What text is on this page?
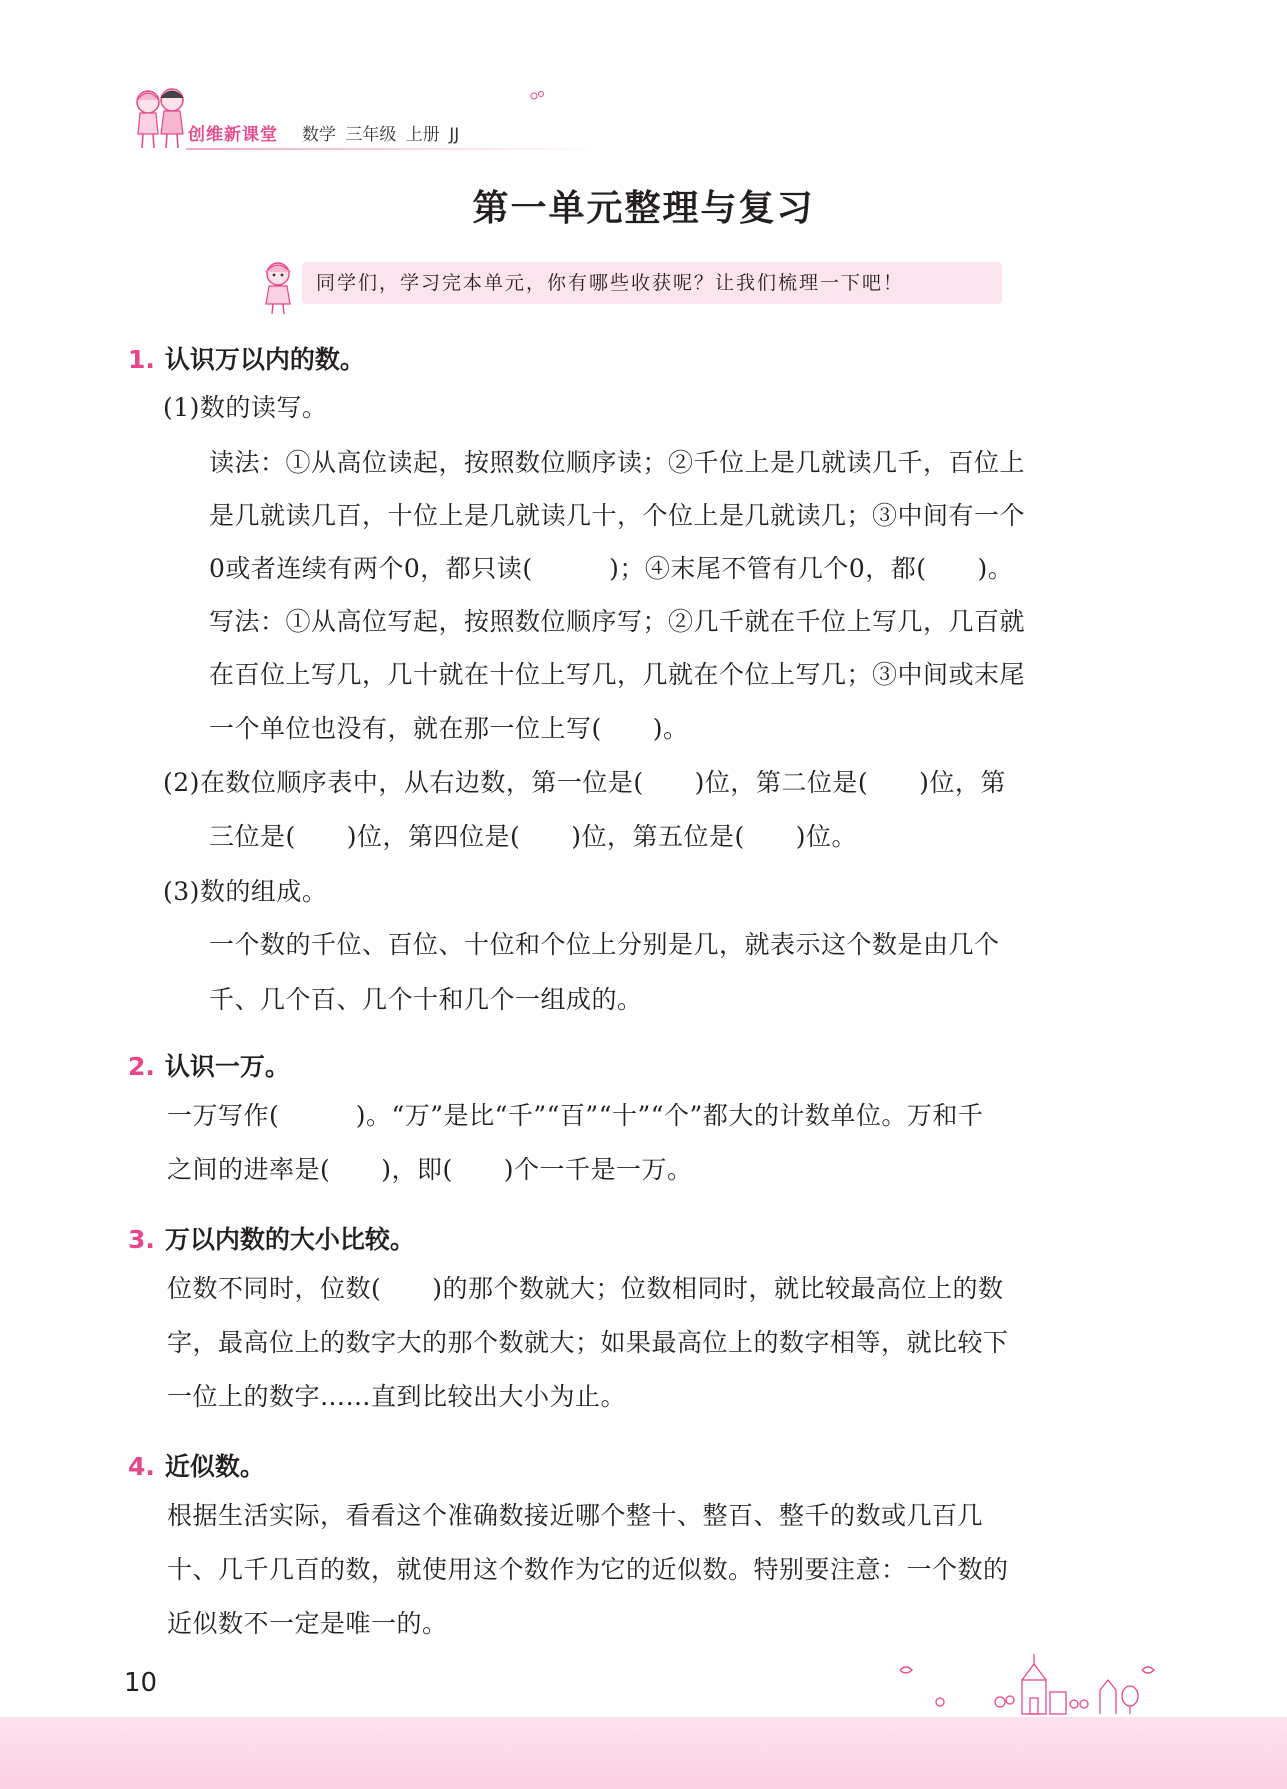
创维新课堂 数学 三年级 上册 JJ
第一单元整理与复习
同学们，学习完本单元，你有哪些收获呢？让我们梳理一下吧！
1. 认识万以内的数。
2. 认识一万。
3. 万以内数的大小比较。
4. 近似数。
(1)数的读写。
读法：①从高位读起，按照数位顺序读；②千位上是几就读几千，百位上
是几就读几百，十位上是几就读几十，个位上是几就读几；③中间有一个
0或者连续有两个0，都只读(　　　)；④末尾不管有几个0，都(　　)。
写法：①从高位写起，按照数位顺序写；②几千就在千位上写几，几百就
在百位上写几，几十就在十位上写几，几就在个位上写几；③中间或末尾
一个单位也没有，就在那一位上写(　　)。
(2)在数位顺序表中，从右边数，第一位是(　　)位，第二位是(　　)位，第
三位是(　　)位，第四位是(　　)位，第五位是(　　)位。
(3)数的组成。
一个数的千位、百位、十位和个位上分别是几，就表示这个数是由几个
千、几个百、几个十和几个一组成的。
一万写作(　　　)。“万”是比“千”“百”“十”“个”都大的计数单位。万和千
之间的进率是(　　)，即(　　)个一千是一万。
位数不同时，位数(　　)的那个数就大；位数相同时，就比较最高位上的数
字，最高位上的数字大的那个数就大；如果最高位上的数字相等，就比较下
一位上的数字……直到比较出大小为止。
根据生活实际，看看这个准确数接近哪个整十、整百、整千的数或几百几
十、几千几百的数，就使用这个数作为它的近似数。特别要注意：一个数的
近似数不一定是唯一的。
10
